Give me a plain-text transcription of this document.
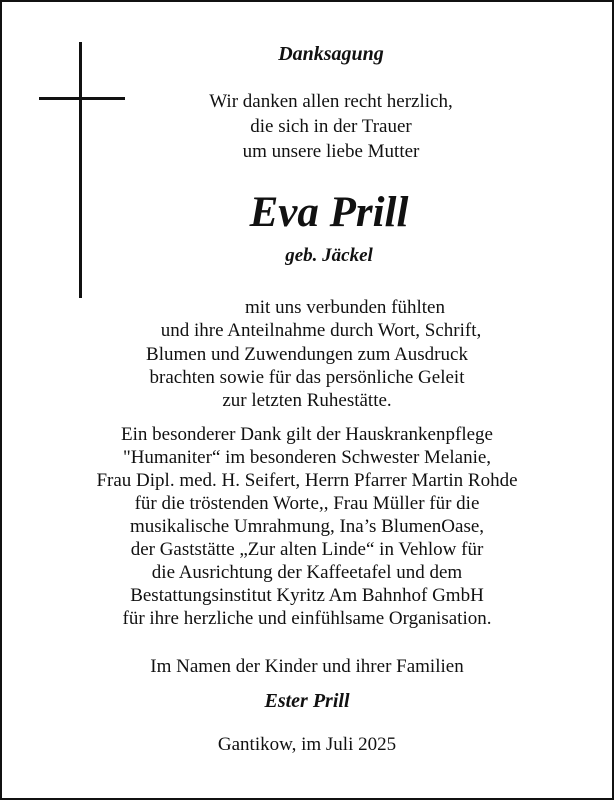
Danksagung
Wir danken allen recht herzlich,
die sich in der Trauer
um unsere liebe Mutter
Eva Prill
geb. Jäckel
mit uns verbunden fühlten
und ihre Anteilnahme durch Wort, Schrift,
Blumen und Zuwendungen zum Ausdruck
brachten sowie für das persönliche Geleit
zur letzten Ruhestätte.
Ein besonderer Dank gilt der Hauskrankenpflege
"Humaniter“ im besonderen Schwester Melanie,
Frau Dipl. med. H. Seifert, Herrn Pfarrer Martin Rohde
für die tröstenden Worte,, Frau Müller für die
musikalische Umrahmung, Ina’s BlumenOase,
der Gaststätte „Zur alten Linde“ in Vehlow für
die Ausrichtung der Kaffeetafel und dem
Bestattungsinstitut Kyritz Am Bahnhof GmbH
für ihre herzliche und einfühlsame Organisation.
Im Namen der Kinder und ihrer Familien
Ester Prill
Gantikow, im Juli 2025
